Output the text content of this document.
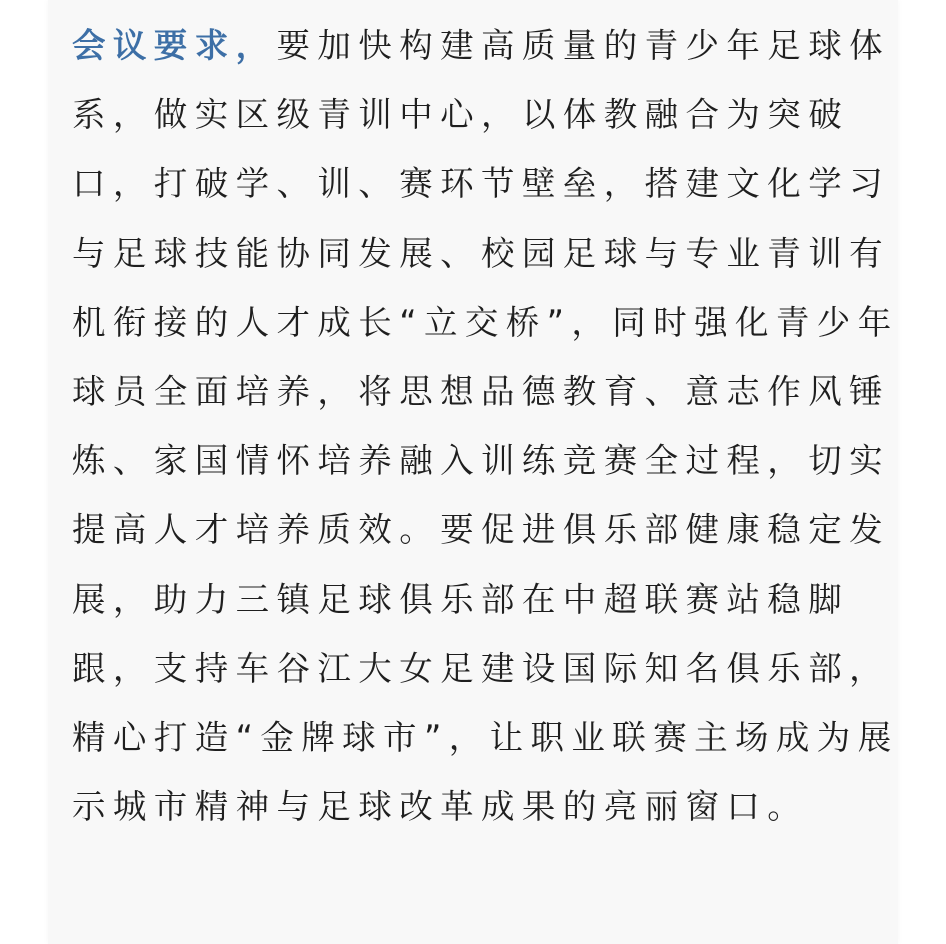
会议要求，要加快构建高质量的青少年足球体
系，做实区级青训中心，以体教融合为突破
口，打破学、训、赛环节壁垒，搭建文化学习
与足球技能协同发展、校园足球与专业青训有
机衔接的人才成长“立交桥”，同时强化青少年
球员全面培养，将思想品德教育、意志作风锤
炼、家国情怀培养融入训练竞赛全过程，切实
提高人才培养质效。要促进俱乐部健康稳定发
展，助力三镇足球俱乐部在中超联赛站稳脚
跟，支持车谷江大女足建设国际知名俱乐部，
精心打造“金牌球市”，让职业联赛主场成为展
示城市精神与足球改革成果的亮丽窗口。
